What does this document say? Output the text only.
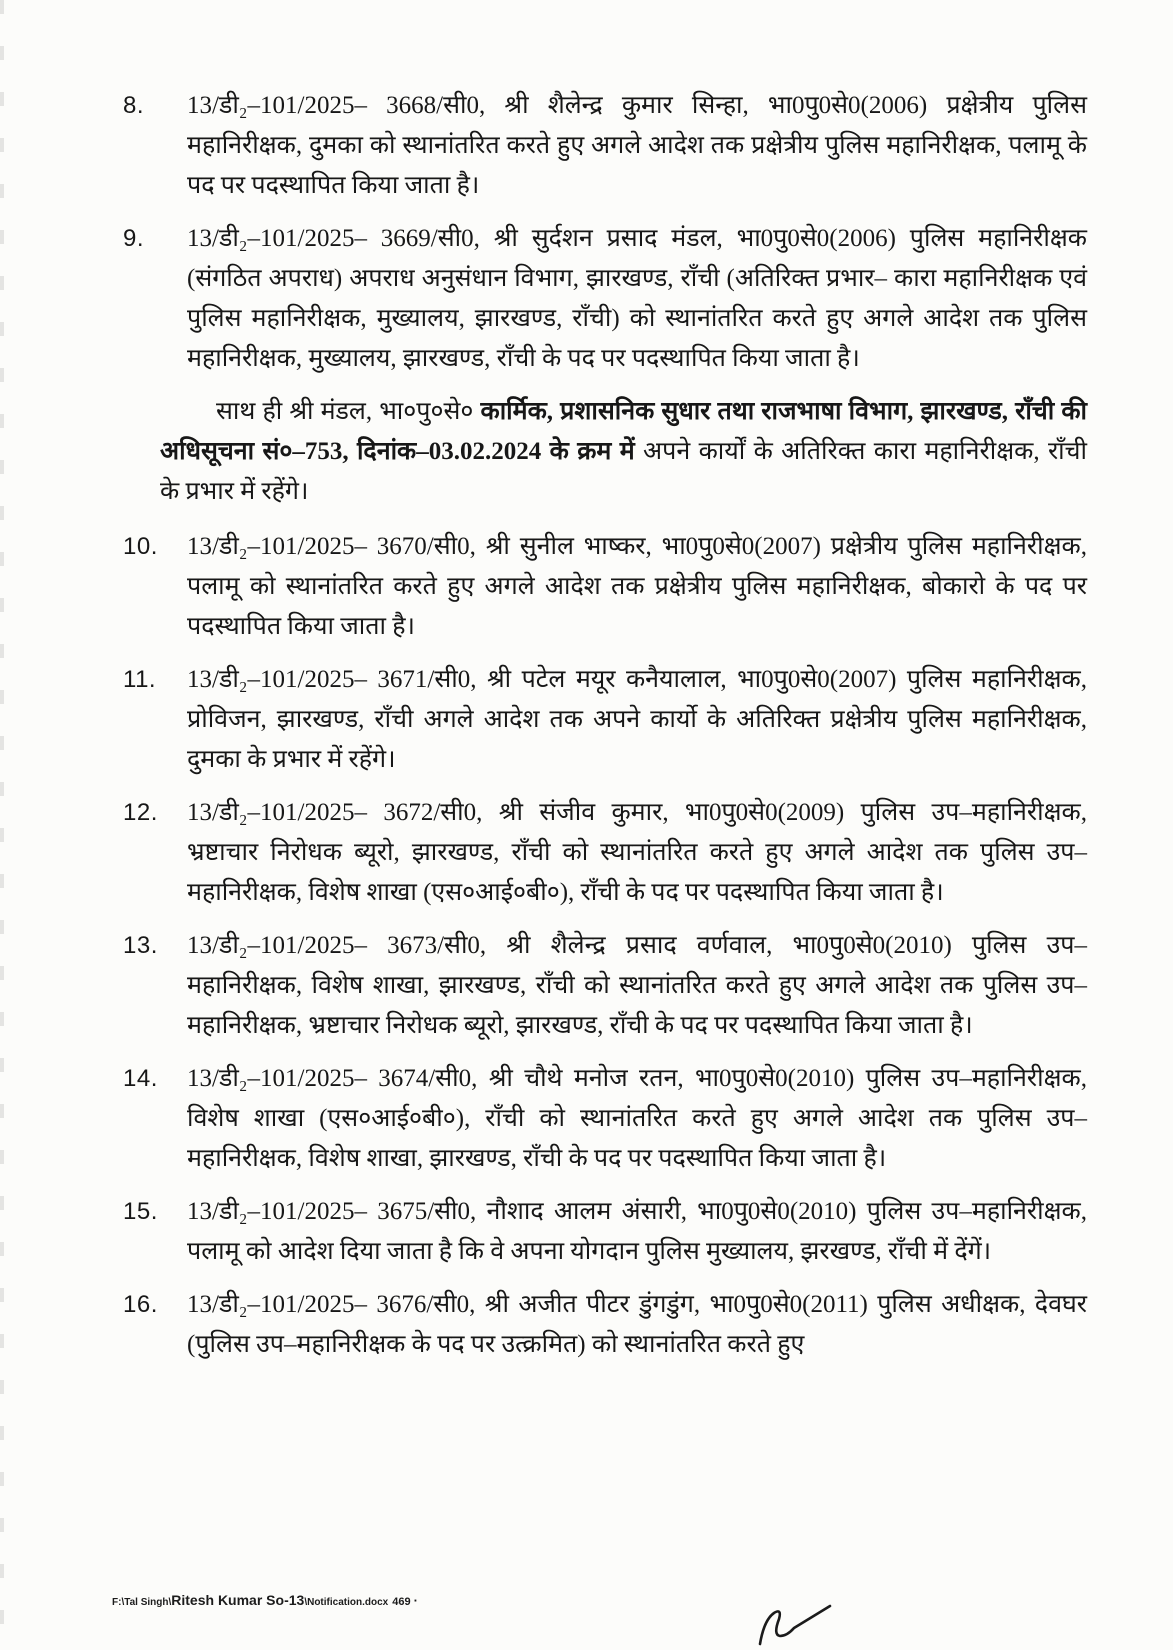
8.	13/डी₂–101/2025– 3668/सी0, श्री शैलेन्द्र कुमार सिन्हा, भा0पु0से0(2006) प्रक्षेत्रीय पुलिस महानिरीक्षक, दुमका को स्थानांतरित करते हुए अगले आदेश तक प्रक्षेत्रीय पुलिस महानिरीक्षक, पलामू के पद पर पदस्थापित किया जाता है।
9.	13/डी₂–101/2025– 3669/सी0, श्री सुर्दशन प्रसाद मंडल, भा0पु0से0(2006) पुलिस महानिरीक्षक (संगठित अपराध) अपराध अनुसंधान विभाग, झारखण्ड, राँची (अतिरिक्त प्रभार– कारा महानिरीक्षक एवं पुलिस महानिरीक्षक, मुख्यालय, झारखण्ड, राँची) को स्थानांतरित करते हुए अगले आदेश तक पुलिस महानिरीक्षक, मुख्यालय, झारखण्ड, राँची के पद पर पदस्थापित किया जाता है।
साथ ही श्री मंडल, भा०पु०से० कार्मिक, प्रशासनिक सुधार तथा राजभाषा विभाग, झारखण्ड, राँची की अधिसूचना सं०–753, दिनांक–03.02.2024 के क्रम में अपने कार्यों के अतिरिक्त कारा महानिरीक्षक, राँची के प्रभार में रहेंगे।
10. 13/डी₂–101/2025– 3670/सी0, श्री सुनील भाष्कर, भा0पु0से0(2007) प्रक्षेत्रीय पुलिस महानिरीक्षक, पलामू को स्थानांतरित करते हुए अगले आदेश तक प्रक्षेत्रीय पुलिस महानिरीक्षक, बोकारो के पद पर पदस्थापित किया जाता है।
11.	13/डी₂–101/2025– 3671/सी0, श्री पटेल मयूर कनैयालाल, भा0पु0से0(2007) पुलिस महानिरीक्षक, प्रोविजन, झारखण्ड, राँची अगले आदेश तक अपने कार्यो के अतिरिक्त प्रक्षेत्रीय पुलिस महानिरीक्षक, दुमका के प्रभार में रहेंगे।
12. 13/डी₂–101/2025– 3672/सी0, श्री संजीव कुमार, भा0पु0से0(2009) पुलिस उप–महानिरीक्षक, भ्रष्टाचार निरोधक ब्यूरो, झारखण्ड, राँची को स्थानांतरित करते हुए अगले आदेश तक पुलिस उप–महानिरीक्षक, विशेष शाखा (एस०आई०बी०), राँची के पद पर पदस्थापित किया जाता है।
13. 13/डी₂–101/2025– 3673/सी0, श्री शैलेन्द्र प्रसाद वर्णवाल, भा0पु0से0(2010) पुलिस उप–महानिरीक्षक, विशेष शाखा, झारखण्ड, राँची को स्थानांतरित करते हुए अगले आदेश तक पुलिस उप–महानिरीक्षक, भ्रष्टाचार निरोधक ब्यूरो, झारखण्ड, राँची के पद पर पदस्थापित किया जाता है।
14. 13/डी₂–101/2025– 3674/सी0, श्री चौथे मनोज रतन, भा0पु0से0(2010) पुलिस उप–महानिरीक्षक, विशेष शाखा (एस०आई०बी०), राँची को स्थानांतरित करते हुए अगले आदेश तक पुलिस उप–महानिरीक्षक, विशेष शाखा, झारखण्ड, राँची के पद पर पदस्थापित किया जाता है।
15. 13/डी₂–101/2025– 3675/सी0, नौशाद आलम अंसारी, भा0पु0से0(2010) पुलिस उप–महानिरीक्षक, पलामू को आदेश दिया जाता है कि वे अपना योगदान पुलिस मुख्यालय, झरखण्ड, राँची में देंगें।
16. 13/डी₂–101/2025– 3676/सी0, श्री अजीत पीटर डुंगडुंग, भा0पु0से0(2011) पुलिस अधीक्षक, देवघर (पुलिस उप–महानिरीक्षक के पद पर उत्क्रमित) को स्थानांतरित करते हुए
F:\Tal Singh\Ritesh Kumar So-13\Notification.docx 469 ·
